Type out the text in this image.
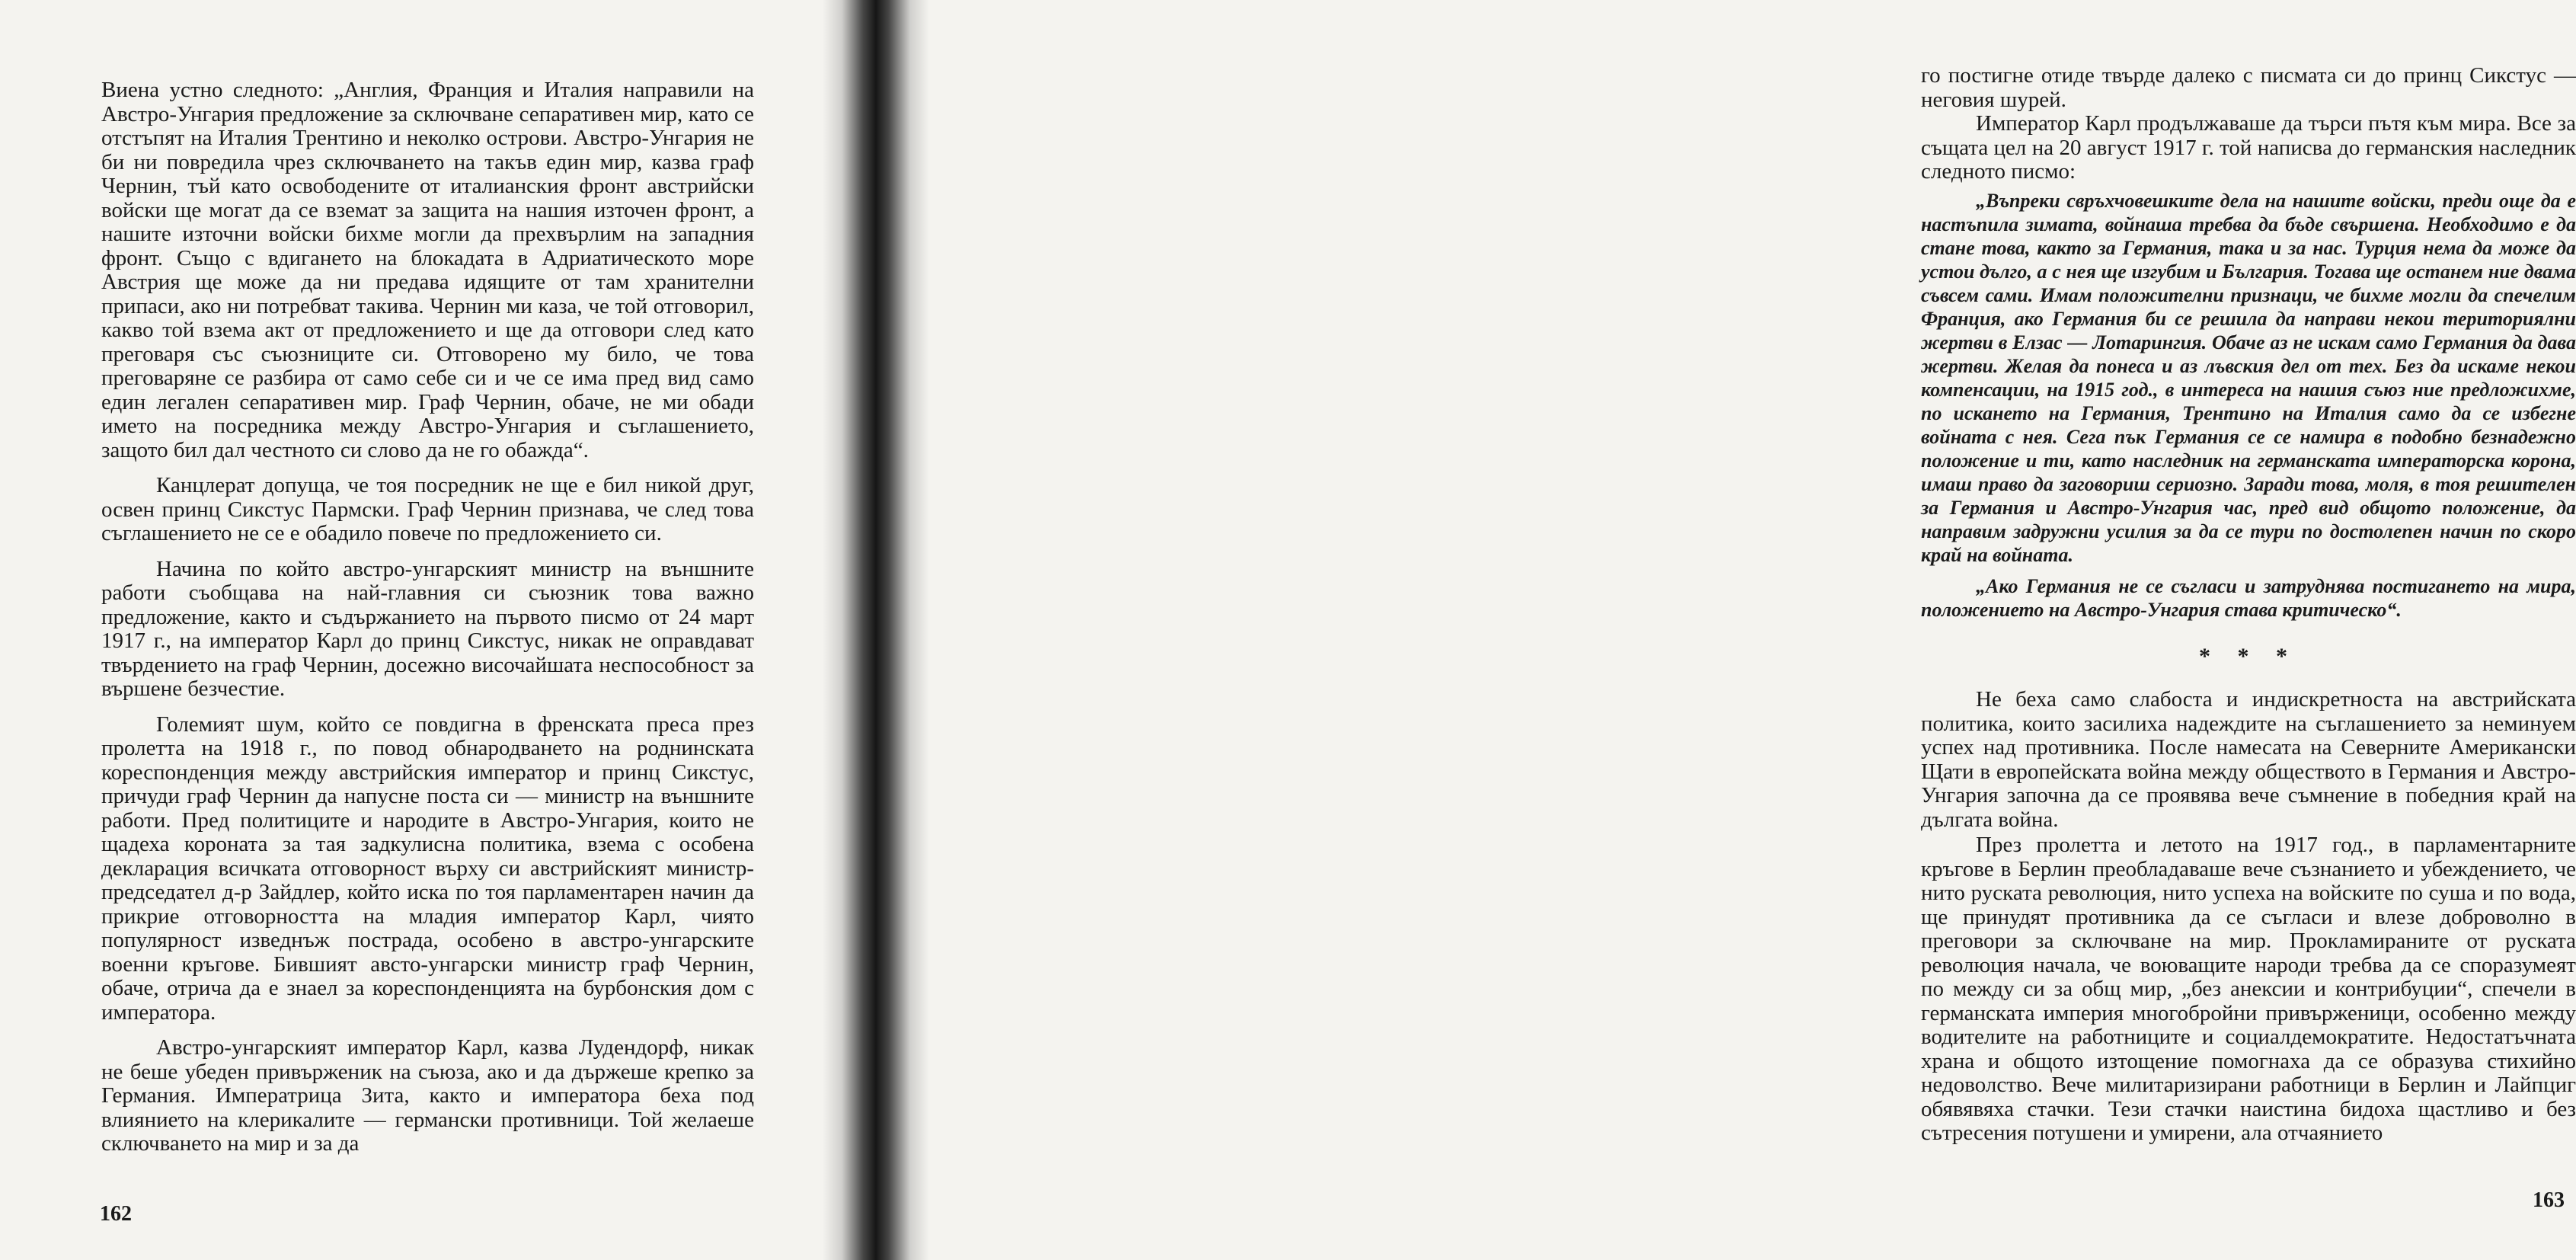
Виена устно следното: „Англия, Франция и Италия направили на Австро-Унгария предложение за сключване сепаративен мир, като се отстъпят на Италия Трентино и неколко острови. Австро-Унгария не би ни повредила чрез сключването на такъв един мир, казва граф Чернин, тъй като освободените от италианския фронт австрийски войски ще могат да се вземат за защита на нашия източен фронт, а нашите източни войски бихме могли да прехвърлим на западния фронт. Също с вдигането на блокадата в Адриатическото море Австрия ще може да ни предава идящите от там хранителни припаси, ако ни потребват такива. Чернин ми каза, че той отговорил, какво той взема акт от предложението и ще да отговори след като преговаря със съюзниците си. Отговорено му било, че това преговаряне се разбира от само себе си и че се има пред вид само един легален сепаративен мир. Граф Чернин, обаче, не ми обади името на посредника между Австро-Унгария и съглашението, защото бил дал честното си слово да не го обажда“.

Канцлерат допуща, че тоя посредник не ще е бил никой друг, освен принц Сикстус Пармски. Граф Чернин признава, че след това съглашението не се е обадило повече по предложението си.

Начина по който австро-унгарският министр на външните работи съобщава на най-главния си съюзник това важно предложение, както и съдържанието на първото писмо от 24 март 1917 г., на император Карл до принц Сикстус, никак не оправдават твърдението на граф Чернин, досежно височайшата неспособност за вършене безчестие.

Големият шум, който се повдигна в френската преса през пролетта на 1918 г., по повод обнародването на роднинската кореспонденция между австрийския император и принц Сикстус, причуди граф Чернин да напусне поста си — министр на външните работи. Пред политиците и народите в Австро-Унгария, които не щадеха короната за тая задкулисна политика, взема с особена декларация всичката отговорност върху си австрийският министр-председател д-р Зайдлер, който иска по тоя парламентарен начин да прикрие отговорността на младия император Карл, чиято популярност изведнъж пострада, особено в австро-унгарските военни кръгове. Бившият австо-унгарски министр граф Чернин, обаче, отрича да е знаел за кореспонденцията на бурбонския дом с императора.

Австро-унгарският император Карл, казва Лудендорф, никак не беше убеден привърженик на съюза, ако и да държеше крепко за Германия. Императрица Зита, както и императора беха под влиянието на клерикалите — германски противници. Той желаеше сключването на мир и за да

162

го постигне отиде твърде далеко с писмата си до принц Сикстус — неговия шурей.

Император Карл продължаваше да търси пътя към мира. Все за същата цел на 20 август 1917 г. той написва до германския наследник следното писмо:

„Въпреки свръхчовешките дела на нашите войски, преди още да е настъпила зимата, войнаша требва да бъде свършена. Необходимо е да стане това, както за Германия, така и за нас. Турция нема да може да устои дълго, а с нея ще изгубим и България. Тогава ще останем ние двама съвсем сами. Имам положителни признаци, че бихме могли да спечелим Франция, ако Германия би се решила да направи некои териториялни жертви в Елзас — Лотарингия. Обаче аз не искам само Германия да дава жертви. Желая да понеса и аз лъвския дел от тех. Без да искаме некои компенсации, на 1915 год., в интереса на нашия съюз ние предложихме, по искането на Германия, Трентино на Италия само да се избегне войната с нея. Сега пък Германия се се намира в подобно безнадежно положение и ти, като наследник на германската императорска корона, имаш право да заговориш сериозно. Заради това, моля, в тоя решителен за Германия и Австро-Унгария час, пред вид общото положение, да направим задружни усилия за да се тури по достолепен начин по скоро край на войната.

„Ако Германия не се съгласи и затруднява постигането на мира, положението на Австро-Унгария става критическо“.

* * *

Не беха само слабоста и индискретноста на австрийската политика, които засилиха надеждите на съглашението за неминуем успех над противника. После намесата на Северните Американски Щати в европейската война между обществото в Германия и Австро-Унгария започна да се проявява вече съмнение в победния край на дългата война.

През пролетта и летото на 1917 год., в парламентарните кръгове в Берлин преобладаваше вече съзнанието и убеждението, че нито руската революция, нито успеха на войските по суша и по вода, ще принудят противника да се съгласи и влезе доброволно в преговори за сключване на мир. Прокламираните от руската революция начала, че воюващите народи требва да се споразумеят по между си за общ мир, „без анексии и контрибуции“, спечели в германската империя многобройни привърженици, особенно между водителите на работниците и социалдемократите. Недостатъчната храна и общото изтощение помогнаха да се образува стихийно недоволство. Вече милитаризирани работници в Берлин и Лайпциг обявявяха стачки. Тези стачки наистина бидоха щастливо и без сътресения потушени и умирени, ала отчаянието

163
